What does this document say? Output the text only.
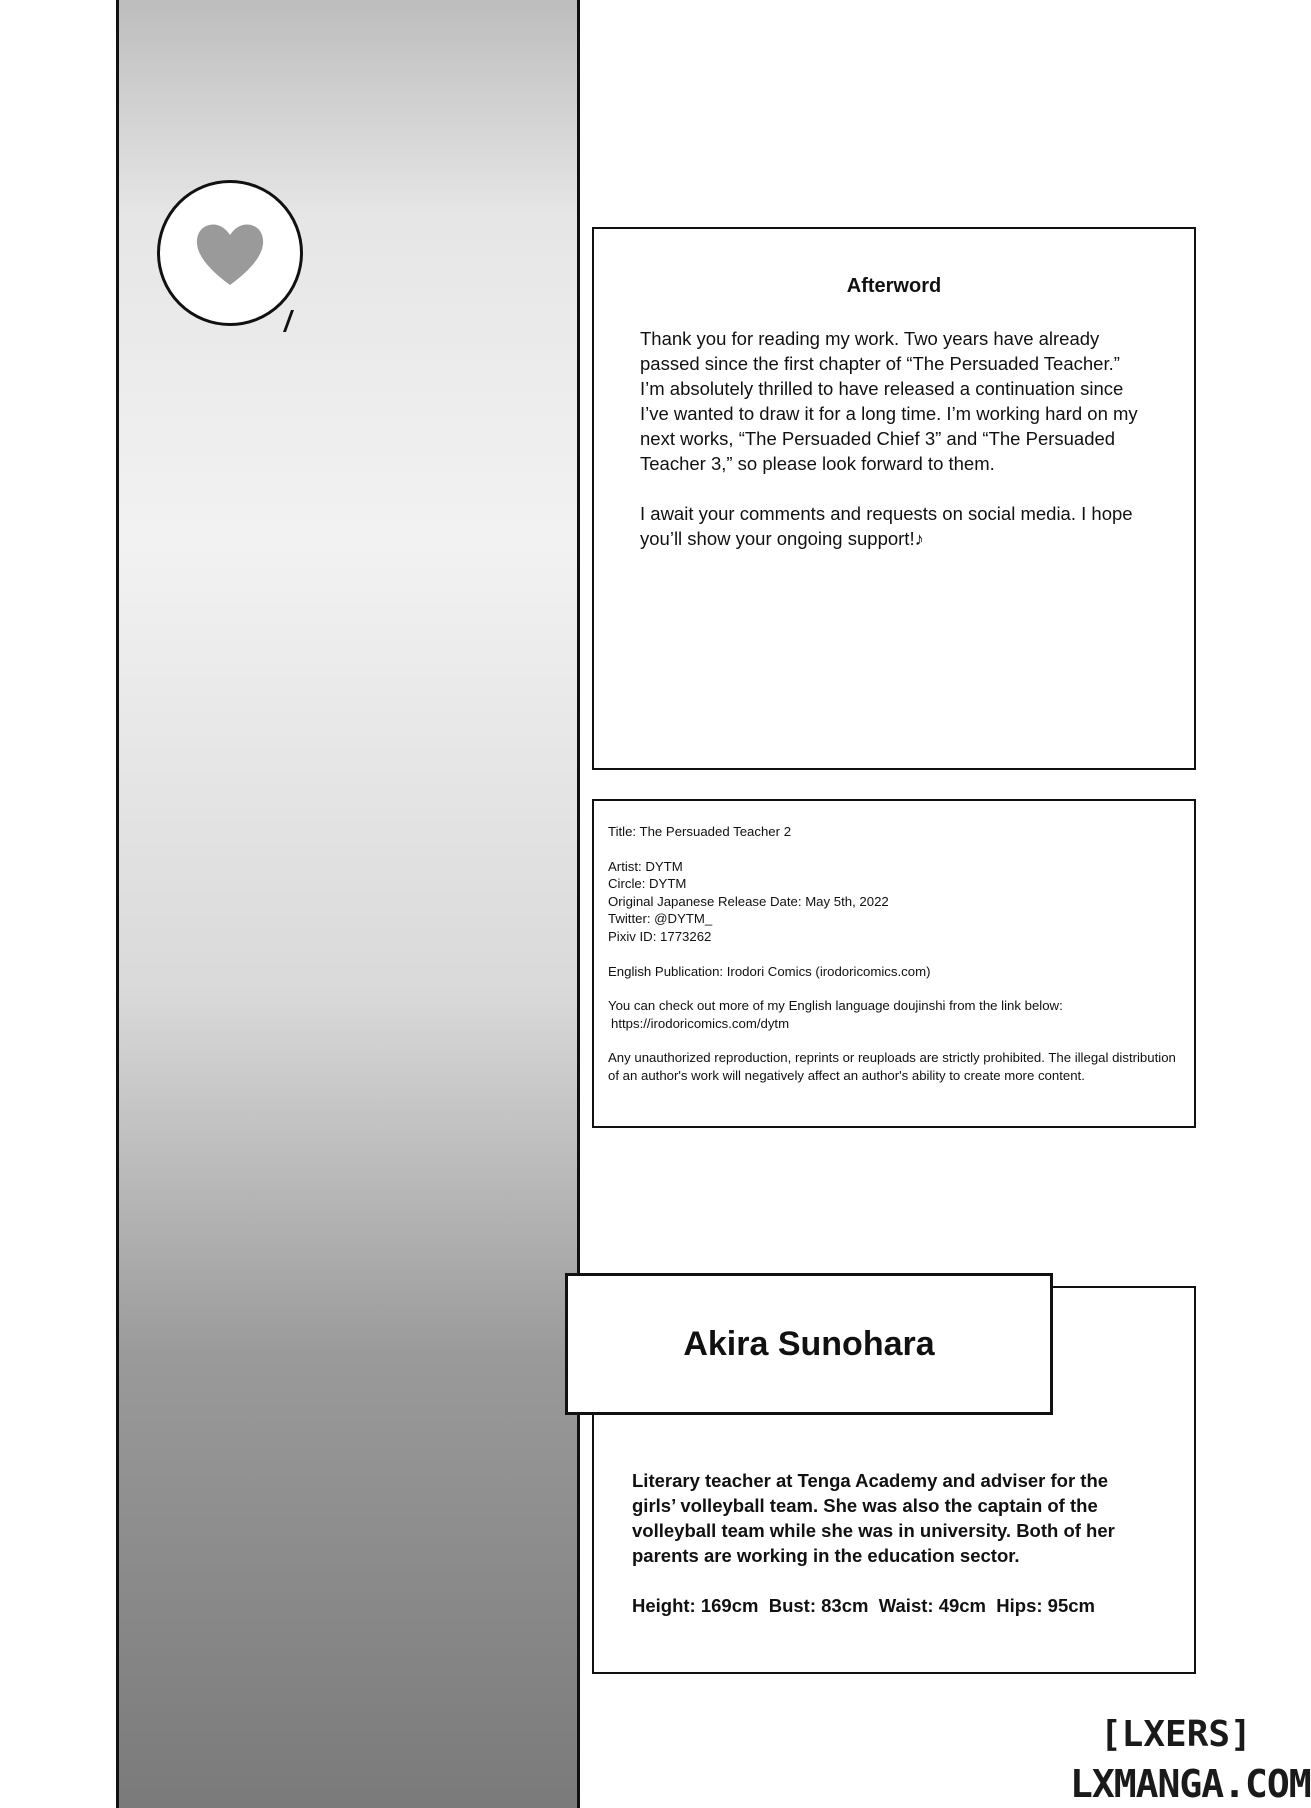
Afterword

Thank you for reading my work. Two years have already passed since the first chapter of “The Persuaded Teacher.” I’m absolutely thrilled to have released a continuation since I’ve wanted to draw it for a long time. I’m working hard on my next works, “The Persuaded Chief 3” and “The Persuaded Teacher 3,” so please look forward to them.

I await your comments and requests on social media. I hope you’ll show your ongoing support!♪

Title: The Persuaded Teacher 2

Artist: DYTM
Circle: DYTM
Original Japanese Release Date: May 5th, 2022
Twitter: @DYTM_
Pixiv ID: 1773262

English Publication: Irodori Comics (irodoricomics.com)

You can check out more of my English language doujinshi from the link below:
https://irodoricomics.com/dytm

Any unauthorized reproduction, reprints or reuploads are strictly prohibited. The illegal distribution of an author's work will negatively affect an author's ability to create more content.

Akira Sunohara

Literary teacher at Tenga Academy and adviser for the girls’ volleyball team. She was also the captain of the volleyball team while she was in university. Both of her parents are working in the education sector.

Height: 169cm  Bust: 83cm  Waist: 49cm  Hips: 95cm

[LXERS]
LXMANGA.COM
